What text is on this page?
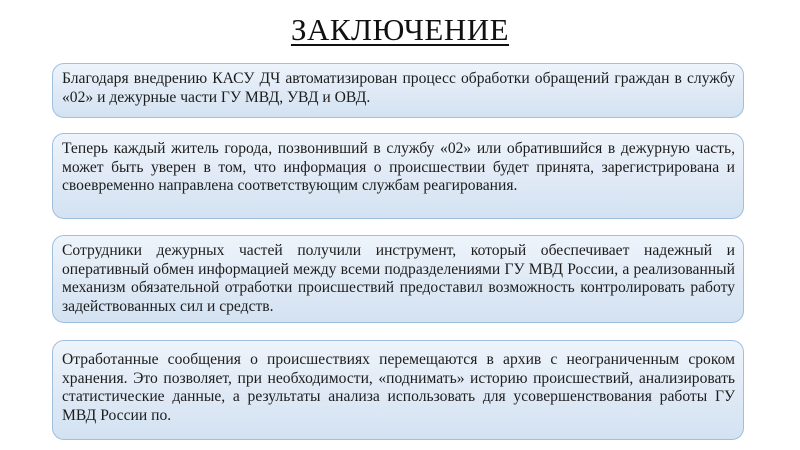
ЗАКЛЮЧЕНИЕ
Благодаря внедрению КАСУ ДЧ автоматизирован процесс обработки обращений граждан в службу «02» и дежурные части ГУ МВД, УВД и ОВД.
Теперь каждый житель города, позвонивший в службу «02» или обратившийся в дежурную часть, может быть уверен в том, что информация о происшествии будет принята, зарегистрирована и своевременно направлена соответствующим службам реагирования.
Сотрудники дежурных частей получили инструмент, который обеспечивает надежный и оперативный обмен информацией между всеми подразделениями ГУ МВД России, а реализованный механизм обязательной отработки происшествий предоставил возможность контролировать работу задействованных сил и средств.
Отработанные сообщения о происшествиях перемещаются в архив с неограниченным сроком хранения. Это позволяет, при необходимости, «поднимать» историю происшествий, анализировать статистические данные, а результаты анализа использовать для усовершенствования работы ГУ МВД России по.
